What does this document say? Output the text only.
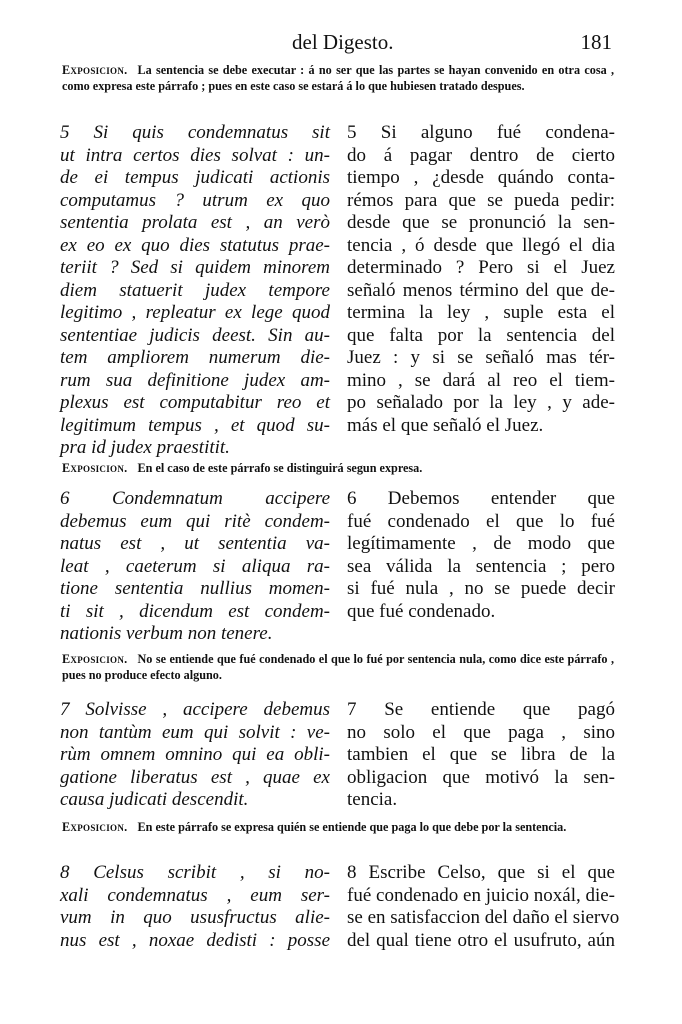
del Digesto.	181
Exposicion. La sentencia se debe executar : á no ser que las partes se hayan convenido en otra cosa , como expresa este párrafo ; pues en este caso se estará á lo que hubiesen tratado despues.
5 Si quis condemnatus sit
ut intra certos dies solvat : un-
de ei tempus judicati actionis
computamus ? utrum ex quo
sententia prolata est , an verò
ex eo ex quo dies statutus prae-
teriit ? Sed si quidem minorem
diem statuerit judex tempore
legitimo , repleatur ex lege quod
sententiae judicis deest. Sin au-
tem ampliorem numerum die-
rum sua definitione judex am-
plexus est computabitur reo et
legitimum tempus , et quod su-
pra id judex praestitit.
5 Si alguno fué condena-
do á pagar dentro de cierto
tiempo , ¿desde quándo conta-
rémos para que se pueda pedir:
desde que se pronunció la sen-
tencia , ó desde que llegó el dia
determinado ? Pero si el Juez
señaló menos término del que de-
termina la ley , suple esta el
que falta por la sentencia del
Juez : y si se señaló mas tér-
mino , se dará al reo el tiem-
po señalado por la ley , y ade-
más el que señaló el Juez.
Exposicion. En el caso de este párrafo se distinguirá segun expresa.
6 Condemnatum accipere
debemus eum qui ritè condem-
natus est , ut sententia va-
leat , caeterum si aliqua ra-
tione sententia nullius momen-
ti sit , dicendum est condem-
nationis verbum non tenere.
6 Debemos entender que
fué condenado el que lo fué
legítimamente , de modo que
sea válida la sentencia ; pero
si fué nula , no se puede decir
que fué condenado.
Exposicion. No se entiende que fué condenado el que lo fué por sentencia nula, como dice este párrafo , pues no produce efecto alguno.
7 Solvisse , accipere debemus
non tantùm eum qui solvit : ve-
rùm omnem omnino qui ea obli-
gatione liberatus est , quae ex
causa judicati descendit.
7 Se entiende que pagó
no solo el que paga , sino
tambien el que se libra de la
obligacion que motivó la sen-
tencia.
Exposicion. En este párrafo se expresa quién se entiende que paga lo que debe por la sentencia.
8 Celsus scribit , si no-
xali condemnatus , eum ser-
vum in quo ususfructus alie-
nus est , noxae dedisti : posse
8 Escribe Celso, que si el que
fué condenado en juicio noxál, die-
se en satisfaccion del daño el siervo
del qual tiene otro el usufruto, aún
